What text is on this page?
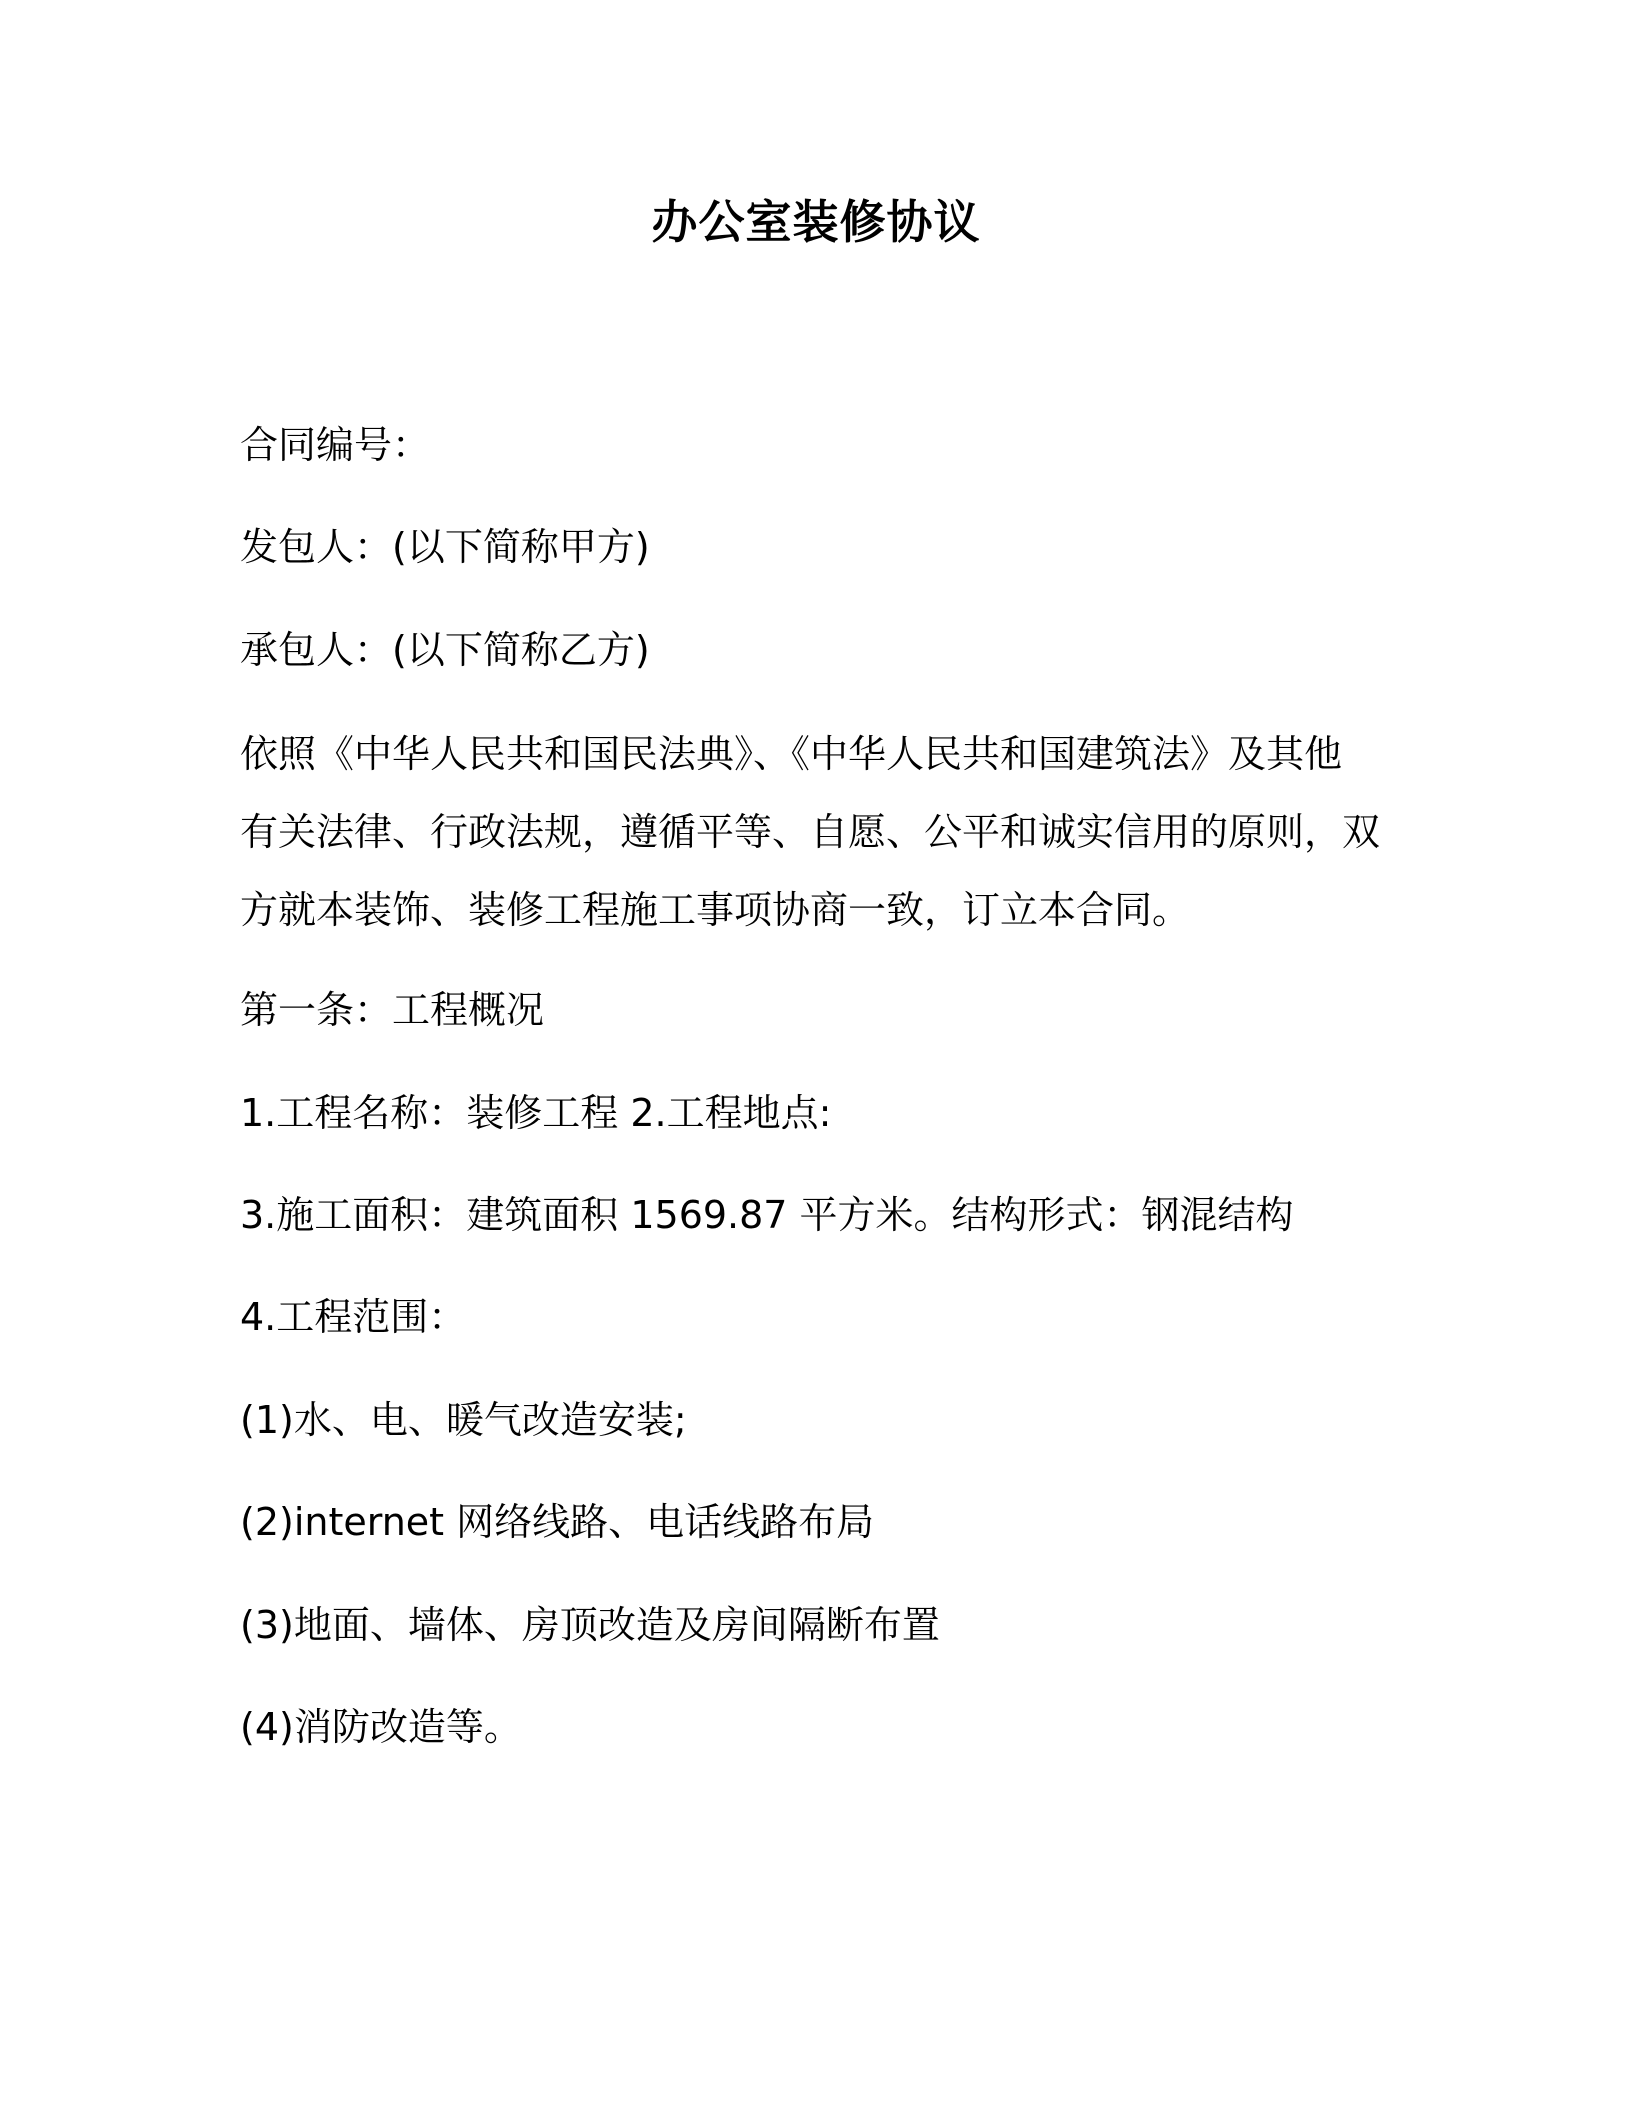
办公室装修协议
合同编号：
发包人：(以下简称甲方)
承包人：(以下简称乙方)
依照《中华人民共和国民法典》、《中华人民共和国建筑法》及其他
有关法律、行政法规，遵循平等、自愿、公平和诚实信用的原则，双
方就本装饰、装修工程施工事项协商一致，订立本合同。
第一条：工程概况
1.工程名称：装修工程 2.工程地点:
3.施工面积：建筑面积 1569.87 平方米。结构形式：钢混结构
4.工程范围：
(1)水、电、暖气改造安装;
(2)internet 网络线路、电话线路布局
(3)地面、墙体、房顶改造及房间隔断布置
(4)消防改造等。
